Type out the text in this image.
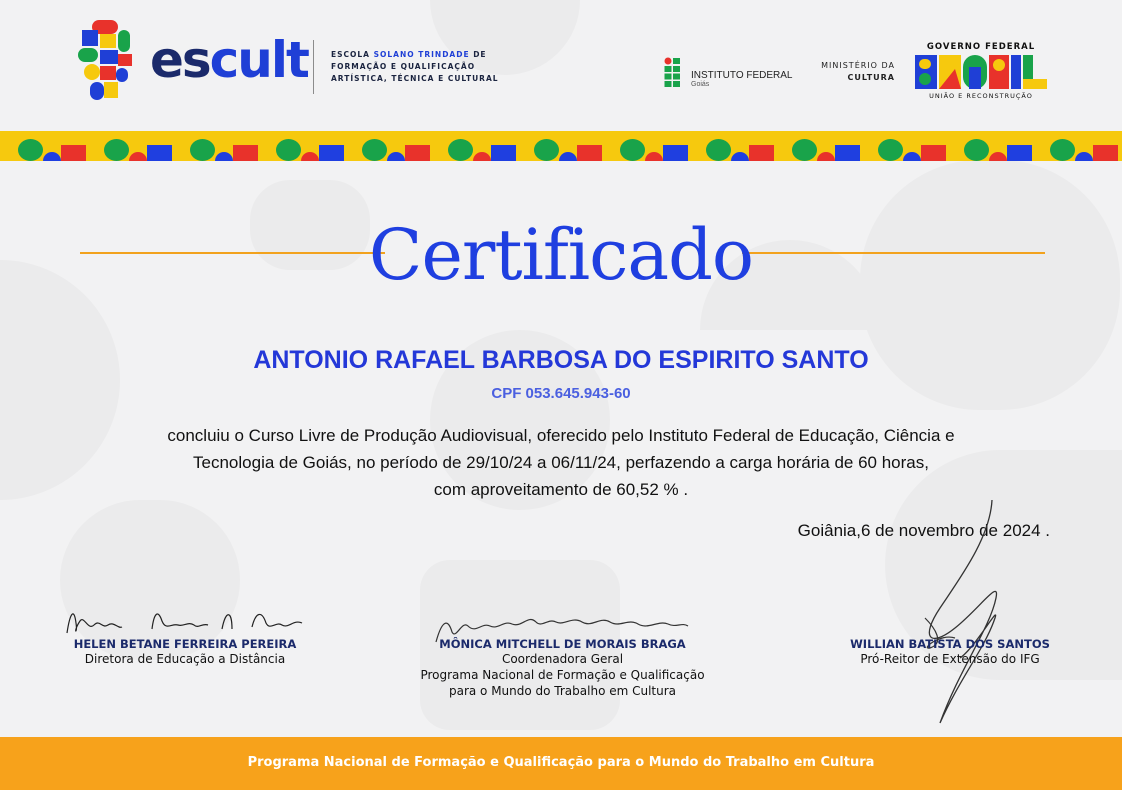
escult	ESCOLA SOLANO TRINDADE DE
FORMAÇÃO E QUALIFICAÇÃO
ARTÍSTICA, TÉCNICA E CULTURAL	INSTITUTO FEDERAL
Goiás
MINISTÉRIO DA
CULTURA
GOVERNO FEDERAL
UNIÃO E RECONSTRUÇÃO
Certificado
ANTONIO RAFAEL BARBOSA DO ESPIRITO SANTO
CPF 053.645.943-60
concluiu o Curso Livre de Produção Audiovisual, oferecido pelo Instituto Federal de Educação, Ciência e
Tecnologia de Goiás, no período de 29/10/24 a 06/11/24, perfazendo a carga horária de 60 horas,
com aproveitamento de 60,52 % .
Goiânia,6 de novembro de 2024 .
HELEN BETANE FERREIRA PEREIRA
Diretora de Educação a Distância
MÔNICA MITCHELL DE MORAIS BRAGA
Coordenadora Geral
Programa Nacional de Formação e Qualificação
para o Mundo do Trabalho em Cultura
WILLIAN BATISTA DOS SANTOS
Pró-Reitor de Extensão do IFG
Programa Nacional de Formação e Qualificação para o Mundo do Trabalho em Cultura
